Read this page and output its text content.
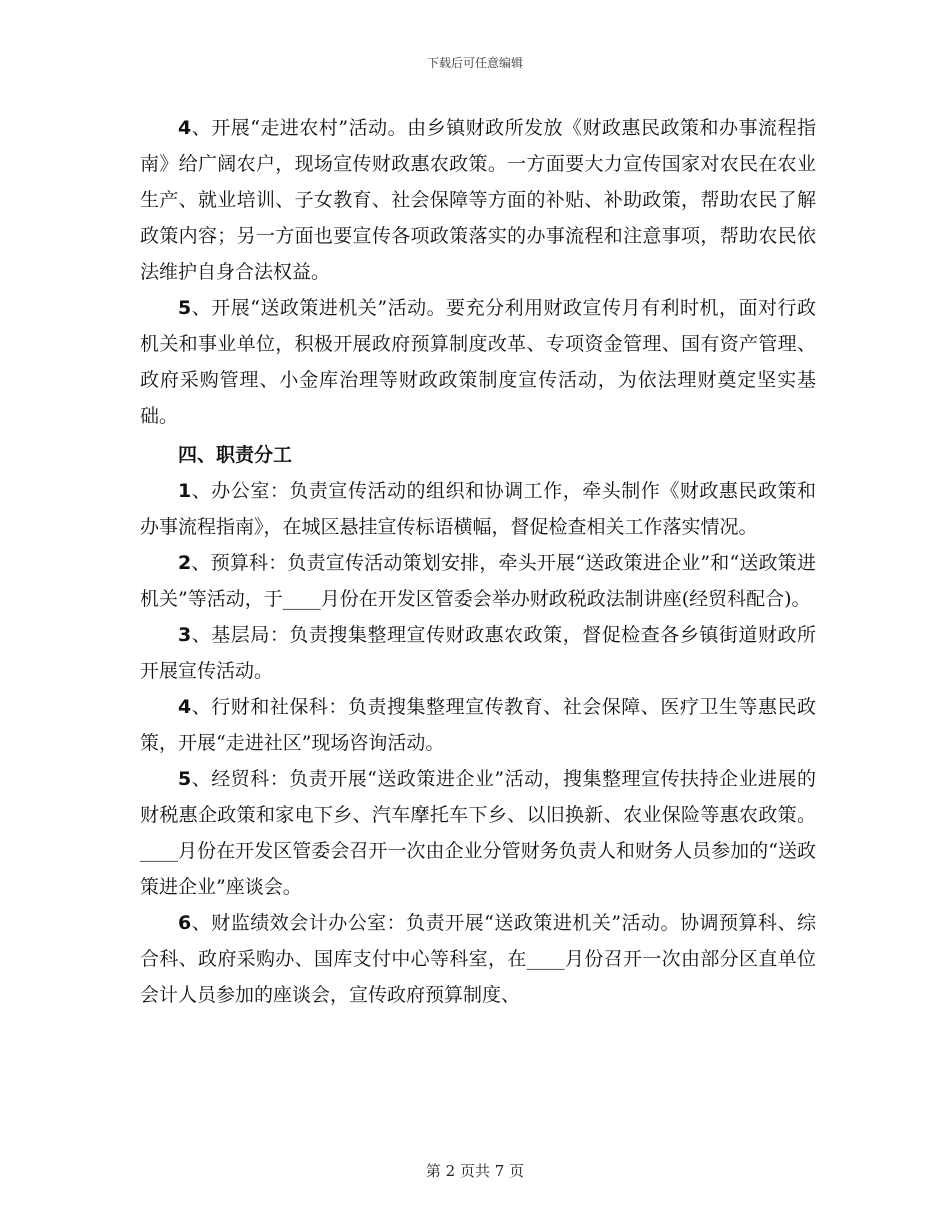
下载后可任意编辑

4、开展“走进农村”活动。由乡镇财政所发放《财政惠民政策和办事流程指南》给广阔农户，现场宣传财政惠农政策。一方面要大力宣传国家对农民在农业生产、就业培训、子女教育、社会保障等方面的补贴、补助政策，帮助农民了解政策内容；另一方面也要宣传各项政策落实的办事流程和注意事项，帮助农民依法维护自身合法权益。

5、开展“送政策进机关”活动。要充分利用财政宣传月有利时机，面对行政机关和事业单位，积极开展政府预算制度改革、专项资金管理、国有资产管理、政府采购管理、小金库治理等财政政策制度宣传活动，为依法理财奠定坚实基础。

四、职责分工

1、办公室：负责宣传活动的组织和协调工作，牵头制作《财政惠民政策和办事流程指南》，在城区悬挂宣传标语横幅，督促检查相关工作落实情况。

2、预算科：负责宣传活动策划安排，牵头开展“送政策进企业”和“送政策进机关”等活动，于____月份在开发区管委会举办财政税政法制讲座(经贸科配合)。

3、基层局：负责搜集整理宣传财政惠农政策，督促检查各乡镇街道财政所开展宣传活动。

4、行财和社保科：负责搜集整理宣传教育、社会保障、医疗卫生等惠民政策，开展“走进社区”现场咨询活动。

5、经贸科：负责开展“送政策进企业”活动，搜集整理宣传扶持企业进展的财税惠企政策和家电下乡、汽车摩托车下乡、以旧换新、农业保险等惠农政策。____月份在开发区管委会召开一次由企业分管财务负责人和财务人员参加的“送政策进企业”座谈会。

6、财监绩效会计办公室：负责开展“送政策进机关”活动。协调预算科、综合科、政府采购办、国库支付中心等科室，在____月份召开一次由部分区直单位会计人员参加的座谈会，宣传政府预算制度、

第 2 页共 7 页
